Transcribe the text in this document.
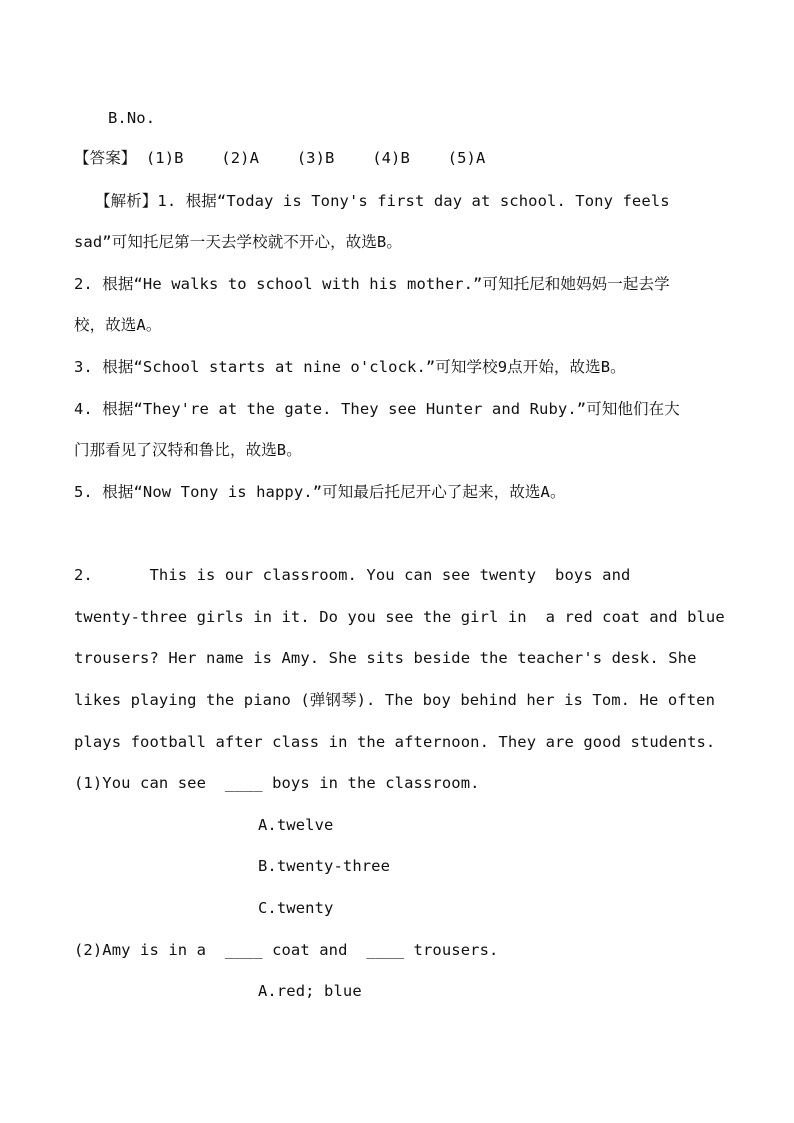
B.No.
【答案】 (1)B    (2)A    (3)B    (4)B    (5)A
【解析】1. 根据“Today is Tony's first day at school. Tony feels
sad”可知托尼第一天去学校就不开心，故选B。
2. 根据“He walks to school with his mother.”可知托尼和她妈妈一起去学
校，故选A。
3. 根据“School starts at nine o'clock.”可知学校9点开始，故选B。
4. 根据“They're at the gate. They see Hunter and Ruby.”可知他们在大
门那看见了汉特和鲁比，故选B。
5. 根据“Now Tony is happy.”可知最后托尼开心了起来，故选A。
2.      This is our classroom. You can see twenty  boys and
twenty-three girls in it. Do you see the girl in  a red coat and blue
trousers? Her name is Amy. She sits beside the teacher's desk. She
likes playing the piano (弹钢琴). The boy behind her is Tom. He often
plays football after class in the afternoon. They are good students.
(1)You can see  ____ boys in the classroom.
A.twelve
B.twenty-three
C.twenty
(2)Amy is in a  ____ coat and  ____ trousers.
A.red; blue
